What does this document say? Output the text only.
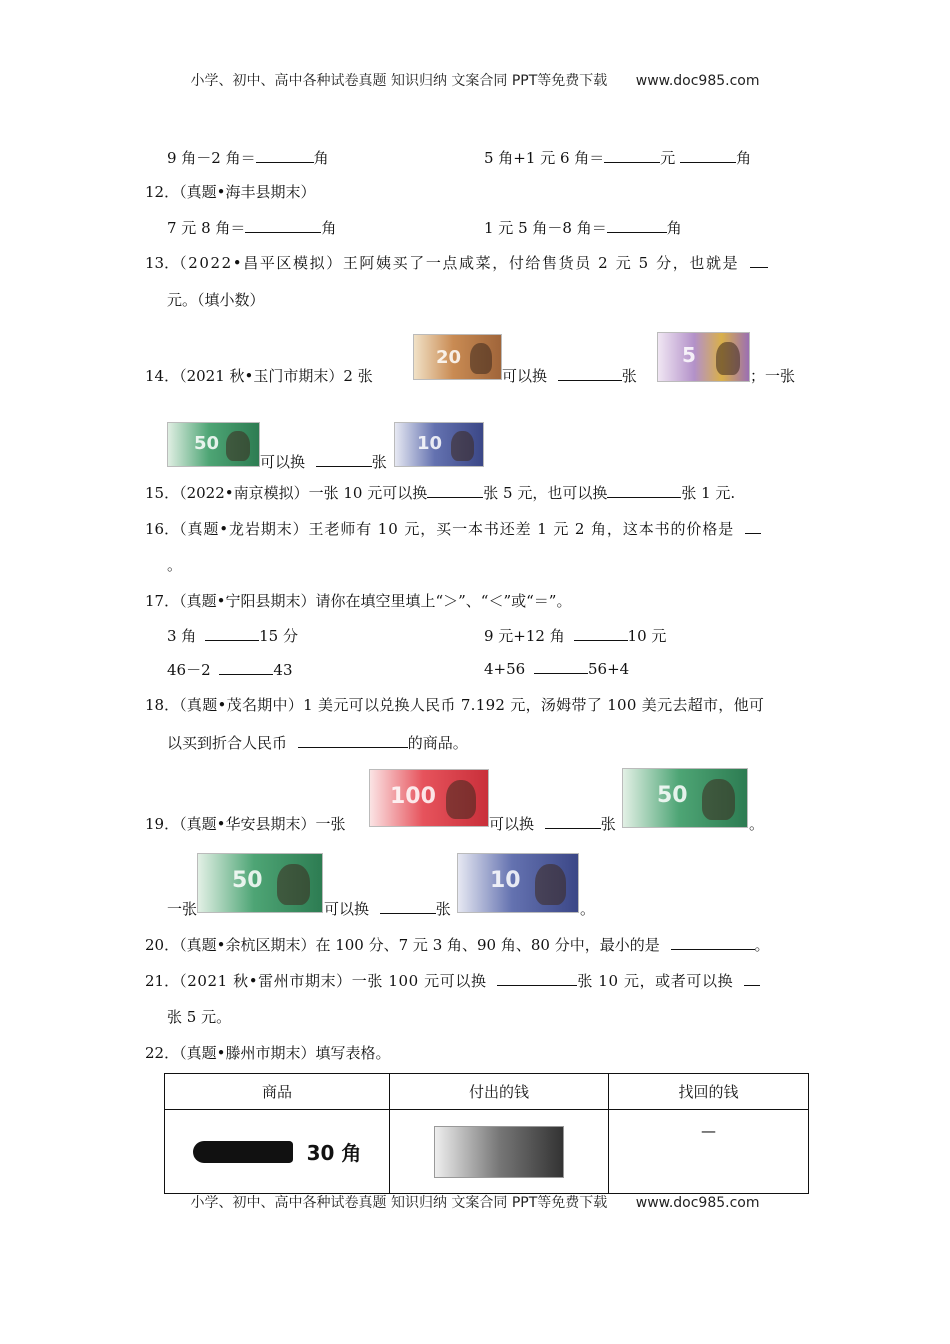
小学、初中、高中各种试卷真题 知识归纳 文案合同 PPT等免费下载 www.doc985.com
9 角－2 角＝	角	5 角+1 元 6 角＝	元	角
12．（真题•海丰县期末）
7 元 8 角＝	角	1 元 5 角－8 角＝	角
13．（2022•昌平区模拟）王阿姨买了一点咸菜，付给售货员 2 元 5 分，也就是
元。（填小数）
20
14．（2021 秋•玉门市期末）2 张	可以换	张
5
；一张
50
可以换	张
10
15．（2022•南京模拟）一张 10 元可以换	张 5 元，也可以换	张 1 元.
16．（真题•龙岩期末）王老师有 10 元，买一本书还差 1 元 2 角，这本书的价格是
。
17．（真题•宁阳县期末）请你在填空里填上“＞”、“＜”或“＝”。
3 角	15 分	9 元+12 角	10 元
46－2	43	4+56	56+4
18．（真题•茂名期中）1 美元可以兑换人民币 7.192 元，汤姆带了 100 美元去超市，他可
以买到折合人民币	的商品。
100
19．（真题•华安县期末）一张	可以换	张
50
。
50
一张	可以换	张
10
。
20．（真题•余杭区期末）在 100 分、7 元 3 角、90 角、80 分中，最小的是	。
21．（2021 秋•雷州市期末）一张 100 元可以换	张 10 元，或者可以换
张 5 元。
22．（真题•滕州市期末）填写表格。
商品	付出的钱	找回的钱
30 角		—
小学、初中、高中各种试卷真题 知识归纳 文案合同 PPT等免费下载 www.doc985.com
